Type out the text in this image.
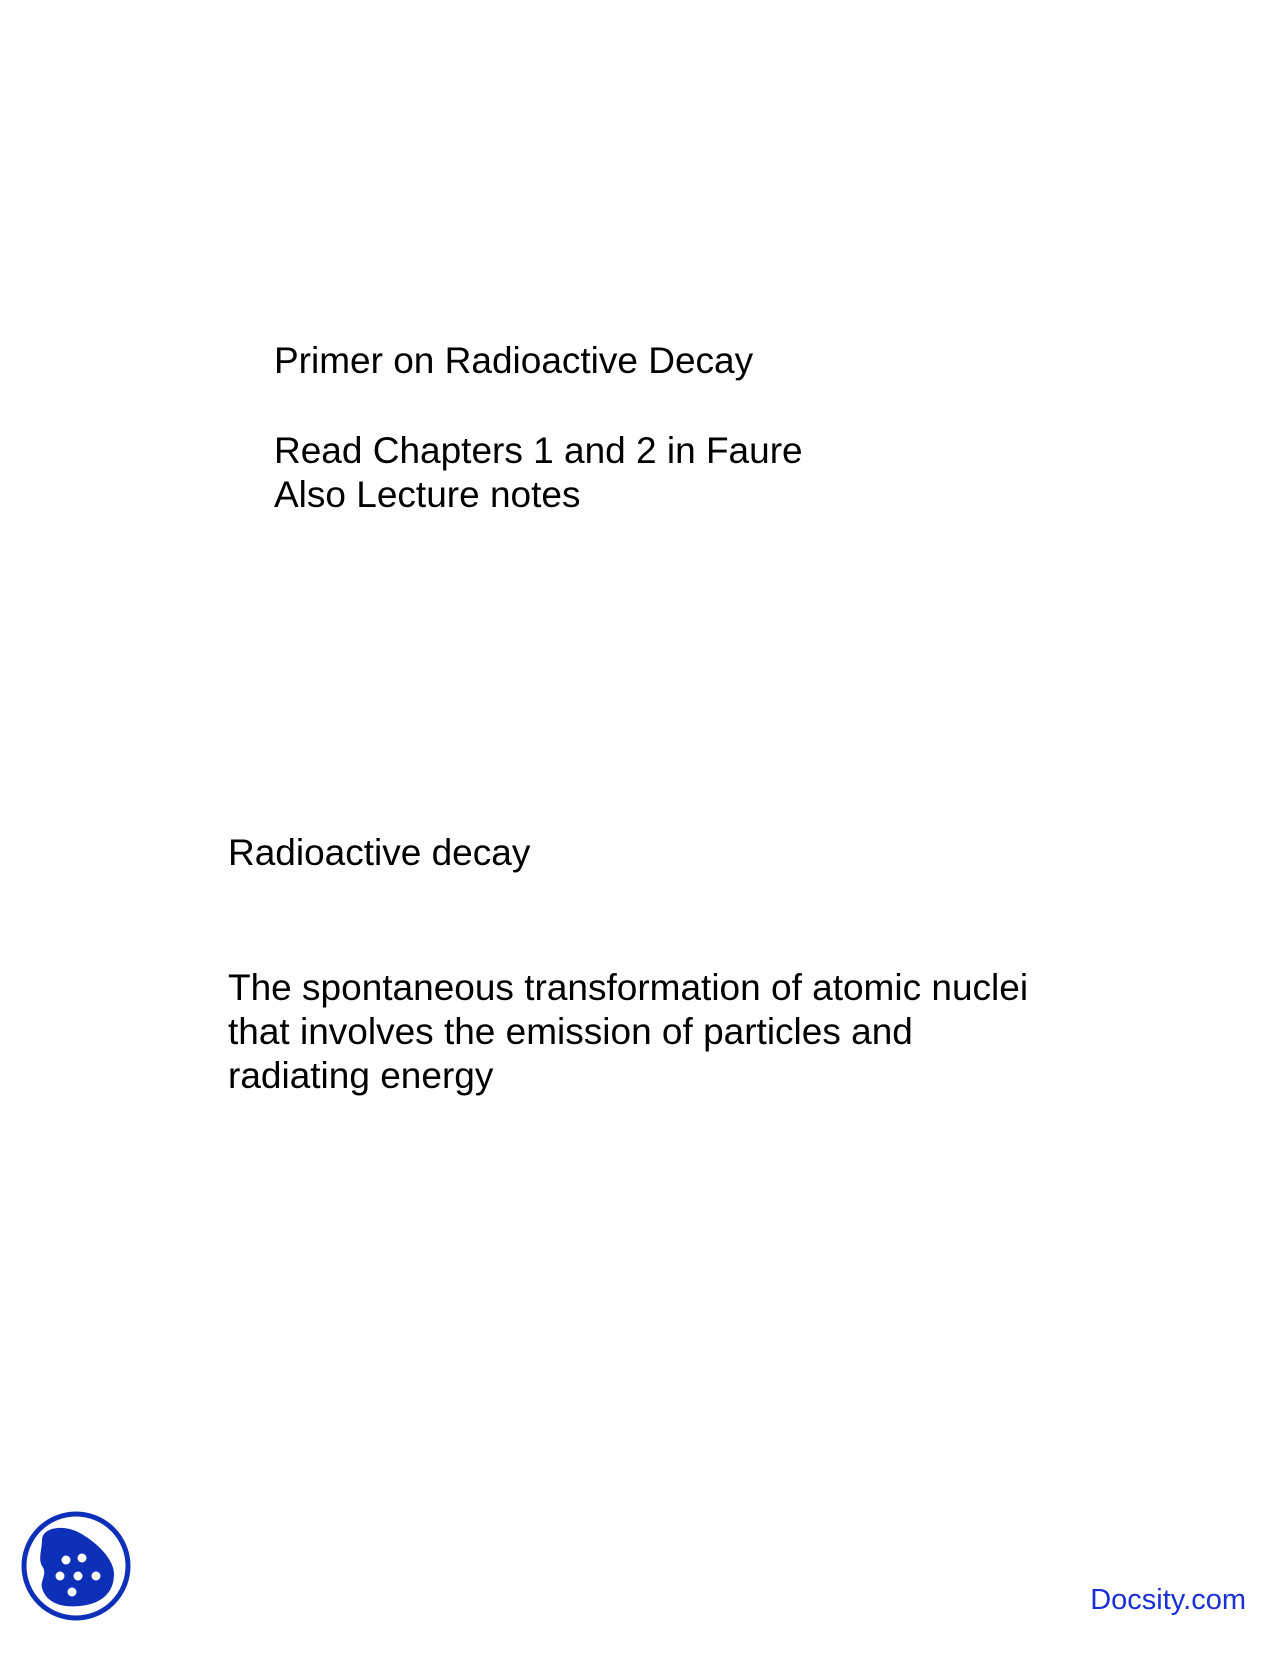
Primer on Radioactive Decay

Read Chapters 1 and 2 in Faure

Also Lecture notes

Radioactive decay

The spontaneous transformation of atomic nuclei
that involves the emission of particles and
radiating energy

Docsity.com
